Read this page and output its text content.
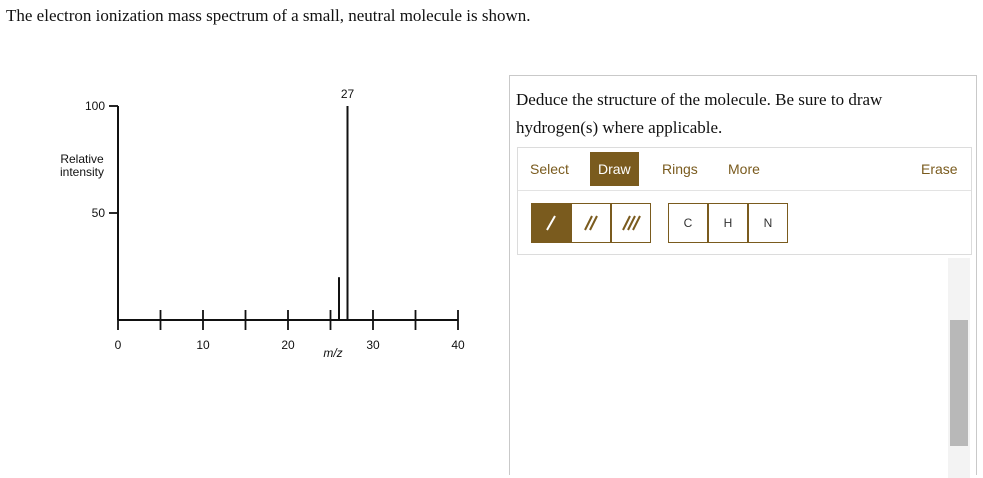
The electron ionization mass spectrum of a small, neutral molecule is shown.
0	10	20	30	40
50
100
m/z
Relative intensity
27	Deduce the structure of the molecule. Be sure to draw hydrogen(s) where applicable.
Select	Draw	Rings	More	Erase
C	H	N
